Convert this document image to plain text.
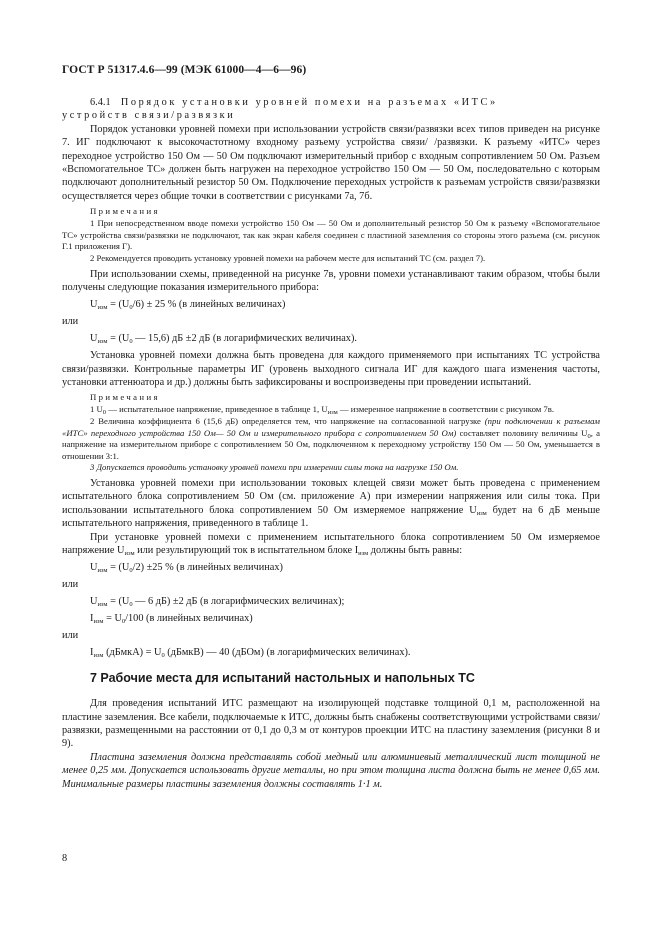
ГОСТ Р 51317.4.6—99 (МЭК 61000—4—6—96)

6.4.1 Порядок установки уровней помехи на разъемах «ИТС»
устройств связи/развязки

Порядок установки уровней помехи при использовании устройств связи/развязки всех типов приведен на рисунке 7. ИГ подключают к высокочастотному входному разъему устройства связи/ /развязки. К разъему «ИТС» через переходное устройство 150 Ом — 50 Ом подключают измерительный прибор с входным сопротивлением 50 Ом. Разъем «Вспомогательное ТС» должен быть нагружен на переходное устройство 150 Ом — 50 Ом, последовательно с которым подключают дополнительный резистор 50 Ом. Подключение переходных устройств к разъемам устройств связи/развязки осуществляется через общие точки в соответствии с рисунками 7а, 7б.

Примечания

1 При непосредственном вводе помехи устройство 150 Ом — 50 Ом и дополнительный резистор 50 Ом к разъему «Вспомогательное ТС» устройства связи/развязки не подключают, так как экран кабеля соединен с пластиной заземления со стороны этого разъема (см. рисунок Г.1 приложения Г).

2 Рекомендуется проводить установку уровней помехи на рабочем месте для испытаний ТС (см. раздел 7).

При использовании схемы, приведенной на рисунке 7в, уровни помехи устанавливают таким образом, чтобы были получены следующие показания измерительного прибора:

$U_{изм} = (U_0/6) \pm 25$ % (в линейных величинах)
или
$U_{изм} = (U_0$ — 15,6) дБ ±2 дБ (в логарифмических величинах).

Установка уровней помехи должна быть проведена для каждого применяемого при испытаниях ТС устройства связи/развязки. Контрольные параметры ИГ (уровень выходного сигнала ИГ для каждого шага изменения частоты, установки аттенюатора и др.) должны быть зафиксированы и воспроизведены при проведении испытаний.

Примечания

1 $U_0$ — испытательное напряжение, приведенное в таблице 1, $U_{изм}$ — измеренное напряжение в соответствии с рисунком 7в.

2 Величина коэффициента 6 (15,6 дБ) определяется тем, что напряжение на согласованной нагрузке (при подключении к разъемам «ИТС» переходного устройства 150 Ом— 50 Ом и измерительного прибора с сопротивлением 50 Ом) составляет половину величины $U_0$, а напряжение на измерительном приборе с сопротивлением 50 Ом, подключенном к переходному устройству 150 Ом — 50 Ом, уменьшается в отношении 3:1.

3 Допускается проводить установку уровней помехи при измерении силы тока на нагрузке 150 Ом.

Установка уровней помехи при использовании токовых клещей связи может быть проведена с применением испытательного блока сопротивлением 50 Ом (см. приложение А) при измерении напряжения или силы тока. При использовании испытательного блока сопротивлением 50 Ом измеряемое напряжение $U_{изм}$ будет на 6 дБ меньше испытательного напряжения, приведенного в таблице 1.

При установке уровней помехи с применением испытательного блока сопротивлением 50 Ом измеряемое напряжение $U_{изм}$ или результирующий ток в испытательном блоке $I_{изм}$ должны быть равны:

$U_{изм} = (U_0/2) \pm 25$ % (в линейных величинах)
или
$U_{изм} = (U_0$ — 6 дБ) ±2 дБ (в логарифмических величинах);
$I_{изм} = U_0/100$ (в линейных величинах)
или
$I_{изм}$ (дБмкА) = $U_0$ (дБмкВ) — 40 (дБОм) (в логарифмических величинах).
7 Рабочие места для испытаний настольных и напольных ТС

Для проведения испытаний ИТС размещают на изолирующей подставке толщиной 0,1 м, расположенной на пластине заземления. Все кабели, подключаемые к ИТС, должны быть снабжены соответствующими устройствами связи/развязки, размещенными на расстоянии от 0,1 до 0,3 м от контуров проекции ИТС на пластину заземления (рисунки 8 и 9).

Пластина заземления должна представлять собой медный или алюминиевый металлический лист толщиной не менее 0,25 мм. Допускается использовать другие металлы, но при этом толщина листа должна быть не менее 0,65 мм. Минимальные размеры пластины заземления должны составлять 1·1 м.

8
